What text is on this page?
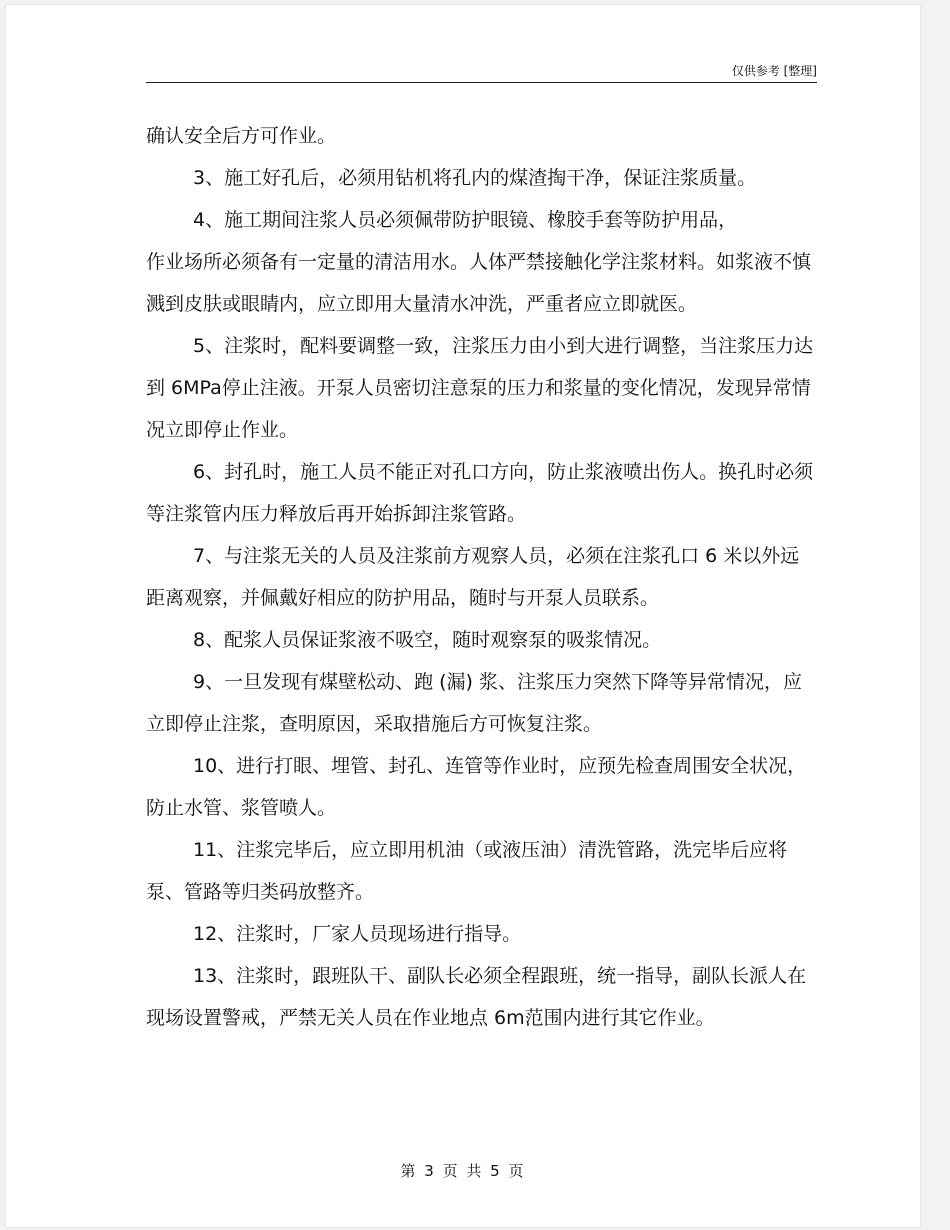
仅供参考 [整理]

确认安全后方可作业。

3、施工好孔后，必须用钻机将孔内的煤渣掏干净，保证注浆质量。

4、施工期间注浆人员必须佩带防护眼镜、橡胶手套等防护用品，

作业场所必须备有一定量的清洁用水。人体严禁接触化学注浆材料。如浆液不慎溅到皮肤或眼睛内，应立即用大量清水冲洗，严重者应立即就医。

5、注浆时，配料要调整一致，注浆压力由小到大进行调整，当注浆压力达到 6MPa停止注液。开泵人员密切注意泵的压力和浆量的变化情况，发现异常情况立即停止作业。

6、封孔时，施工人员不能正对孔口方向，防止浆液喷出伤人。换孔时必须等注浆管内压力释放后再开始拆卸注浆管路。

7、与注浆无关的人员及注浆前方观察人员，必须在注浆孔口 6 米以外远距离观察，并佩戴好相应的防护用品，随时与开泵人员联系。

8、配浆人员保证浆液不吸空，随时观察泵的吸浆情况。

9、一旦发现有煤壁松动、跑 (漏) 浆、注浆压力突然下降等异常情况，应立即停止注浆，查明原因，采取措施后方可恢复注浆。

10、进行打眼、埋管、封孔、连管等作业时，应预先检查周围安全状况，防止水管、浆管喷人。

11、注浆完毕后，应立即用机油（或液压油）清洗管路，洗完毕后应将泵、管路等归类码放整齐。

12、注浆时，厂家人员现场进行指导。

13、注浆时，跟班队干、副队长必须全程跟班，统一指导，副队长派人在现场设置警戒，严禁无关人员在作业地点 6m范围内进行其它作业。

第 3 页 共 5 页
